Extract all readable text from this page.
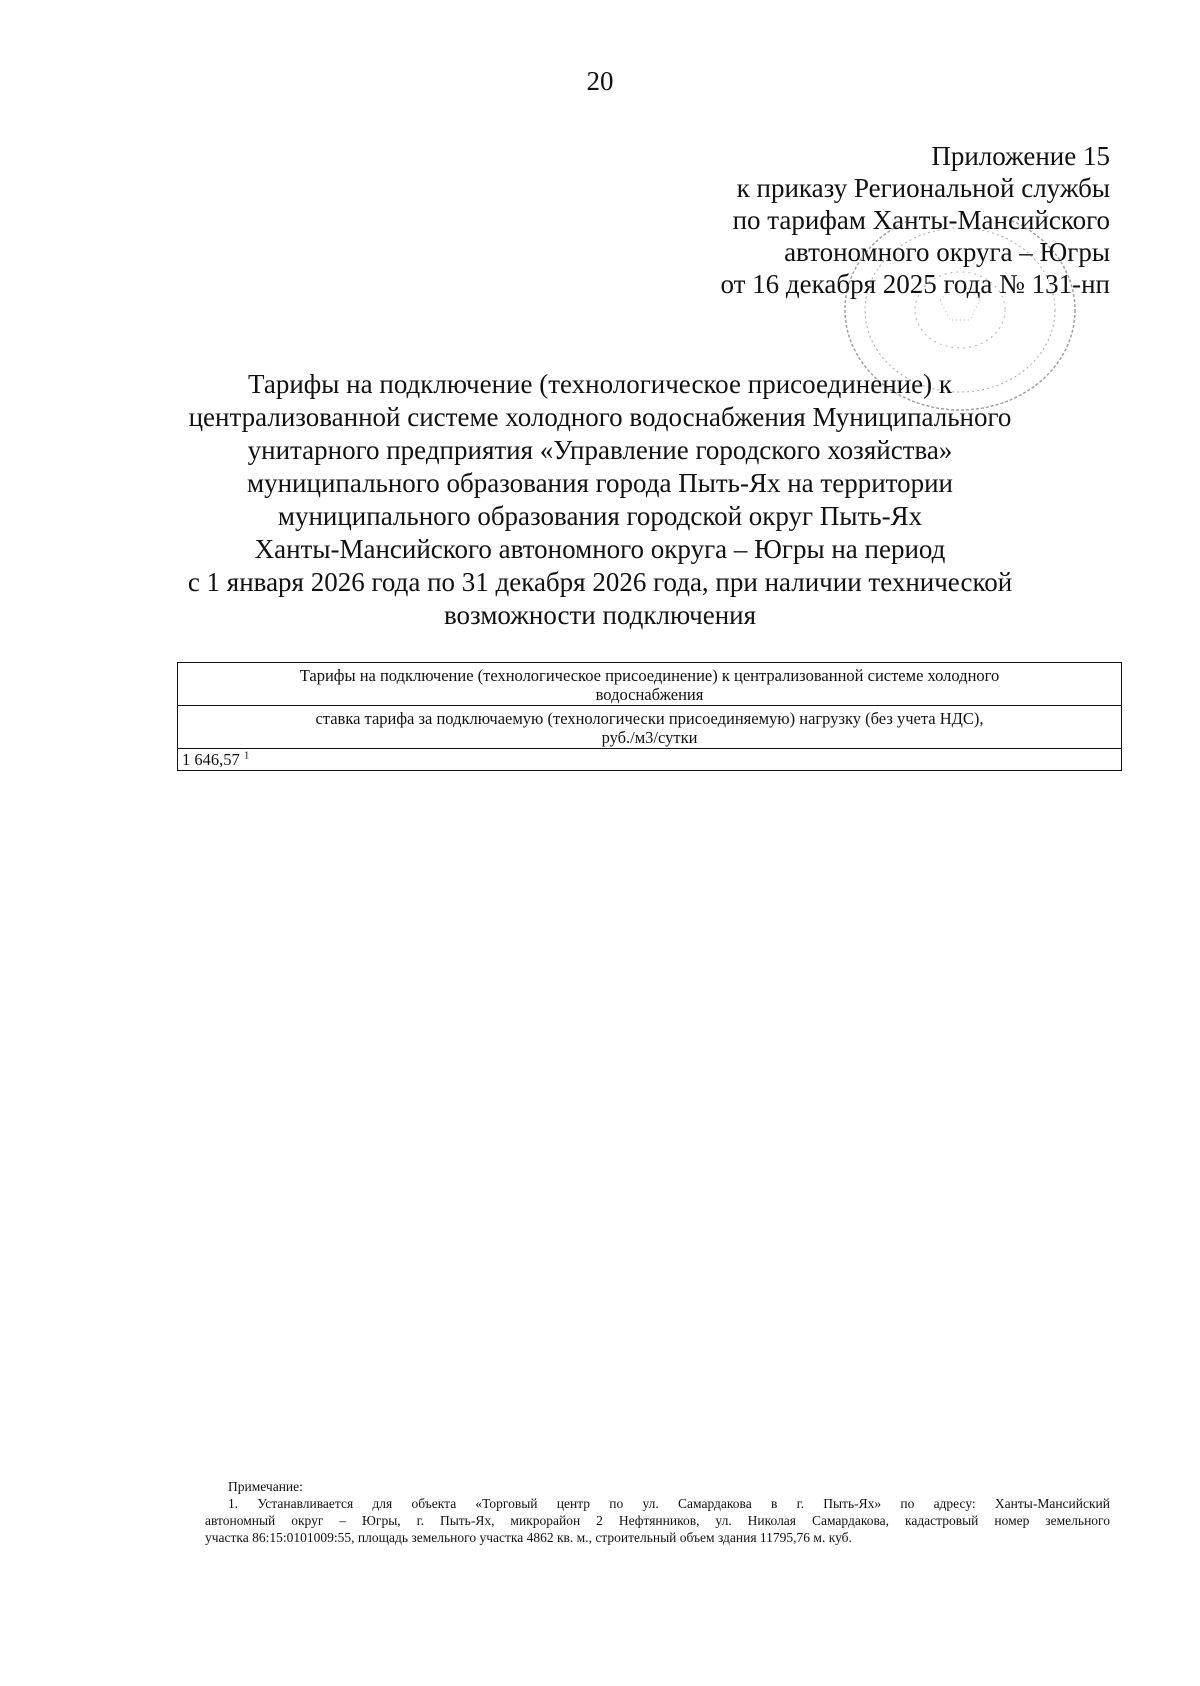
20
Приложение 15
к приказу Региональной службы
по тарифам Ханты-Мансийского
автономного округа – Югры
от 16 декабря 2025 года № 131-нп
Тарифы на подключение (технологическое присоединение) к
централизованной системе холодного водоснабжения Муниципального
унитарного предприятия «Управление городского хозяйства»
муниципального образования города Пыть-Ях на территории
муниципального образования городской округ Пыть-Ях
Ханты-Мансийского автономного округа – Югры на период
с 1 января 2026 года по 31 декабря 2026 года, при наличии технической
возможности подключения
Тарифы на подключение (технологическое присоединение) к централизованной системе холодного
водоснабжения

ставка тарифа за подключаемую (технологически присоединяемую) нагрузку (без учета НДС),
руб./м3/сутки

1 646,57 $^1$
Примечание:
1. Устанавливается для объекта «Торговый центр по ул. Самардакова в г. Пыть-Ях» по адресу: Ханты-Мансийский
автономный округ – Югры, г. Пыть-Ях, микрорайон 2 Нефтянников, ул. Николая Самардакова, кадастровый номер земельного
участка 86:15:0101009:55, площадь земельного участка 4862 кв. м., строительный объем здания 11795,76 м. куб.
